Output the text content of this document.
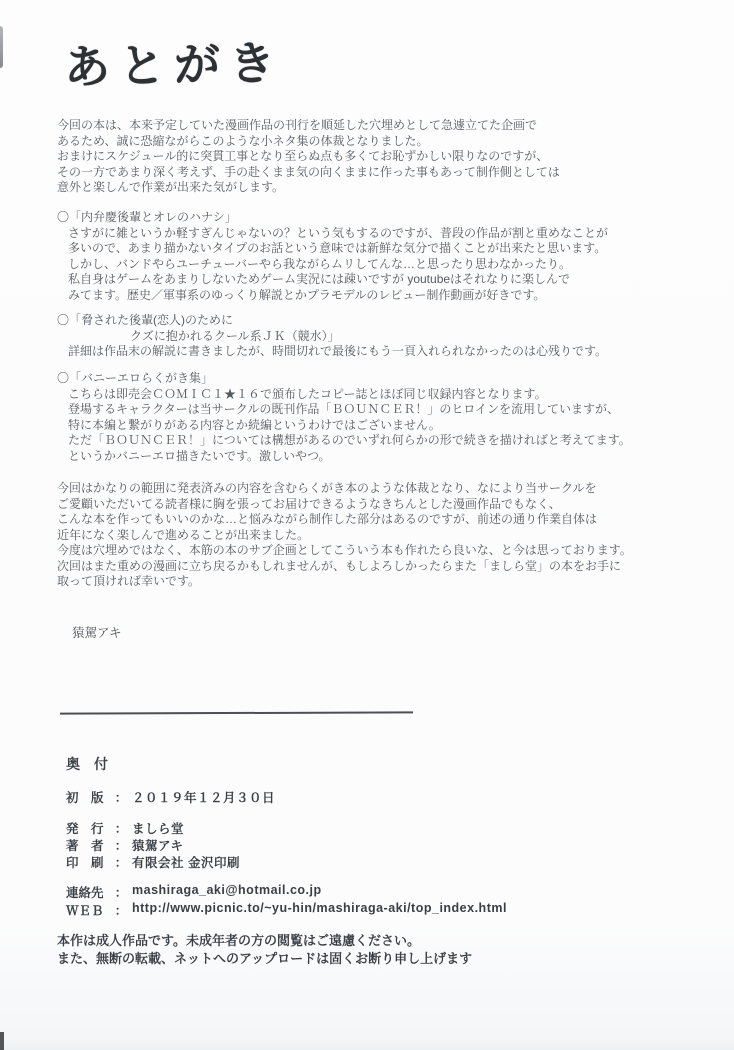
あとがき
今回の本は、本来予定していた漫画作品の刊行を順延した穴埋めとして急遽立てた企画で
あるため、誠に恐縮ながらこのような小ネタ集の体裁となりました。
おまけにスケジュール的に突貫工事となり至らぬ点も多くてお恥ずかしい限りなのですが、
その一方であまり深く考えず、手の赴くまま気の向くままに作った事もあって制作側としては
意外と楽しんで作業が出来た気がします。
〇「内弁慶後輩とオレのハナシ」
さすがに雑というか軽すぎんじゃないの？という気もするのですが、普段の作品が割と重めなことが
多いので、あまり描かないタイプのお話という意味では新鮮な気分で描くことが出来たと思います。
しかし、バンドやらユーチューバーやら我ながらムリしてんな…と思ったり思わなかったり。
私自身はゲームをあまりしないためゲーム実況には疎いですが youtubeはそれなりに楽しんで
みてます。歴史／軍事系のゆっくり解説とかプラモデルのレビュー制作動画が好きです。
〇「脅された後輩(恋人)のために
クズに抱かれるクール系ＪＫ（競水）」
詳細は作品末の解説に書きましたが、時間切れで最後にもう一頁入れられなかったのは心残りです。
〇「バニーエロらくがき集」
こちらは即売会ＣＯＭＩＣ１★１６で頒布したコピー誌とほぼ同じ収録内容となります。
登場するキャラクターは当サークルの既刊作品「ＢＯＵＮＣＥＲ！」のヒロインを流用していますが、
特に本編と繋がりがある内容とか続編というわけではございません。
ただ「ＢＯＵＮＣＥＲ！」については構想があるのでいずれ何らかの形で続きを描ければと考えてます。
というかバニーエロ描きたいです。激しいやつ。
今回はかなりの範囲に発表済みの内容を含むらくがき本のような体裁となり、なにより当サークルを
ご愛顧いただいてる読者様に胸を張ってお届けできるようなきちんとした漫画作品でもなく、
こんな本を作ってもいいのかな…と悩みながら制作した部分はあるのですが、前述の通り作業自体は
近年になく楽しんで進めることが出来ました。
今度は穴埋めではなく、本筋の本のサブ企画としてこういう本も作れたら良いな、と今は思っております。
次回はまた重めの漫画に立ち戻るかもしれませんが、もしよろしかったらまた「ましら堂」の本をお手に
取って頂ければ幸いです。
猿駕アキ
奥　付
初　版 ： ２０１９年１２月３０日
発　行 ： ましら堂
著　者 ： 猿駕アキ
印　刷 ： 有限会社 金沢印刷
連絡先 ： mashiraga_aki@hotmail.co.jp
ＷＥＢ ： http://www.picnic.to/~yu-hin/mashiraga-aki/top_index.html
本作は成人作品です。未成年者の方の閲覧はご遠慮ください。
また、無断の転載、ネットへのアップロードは固くお断り申し上げます
